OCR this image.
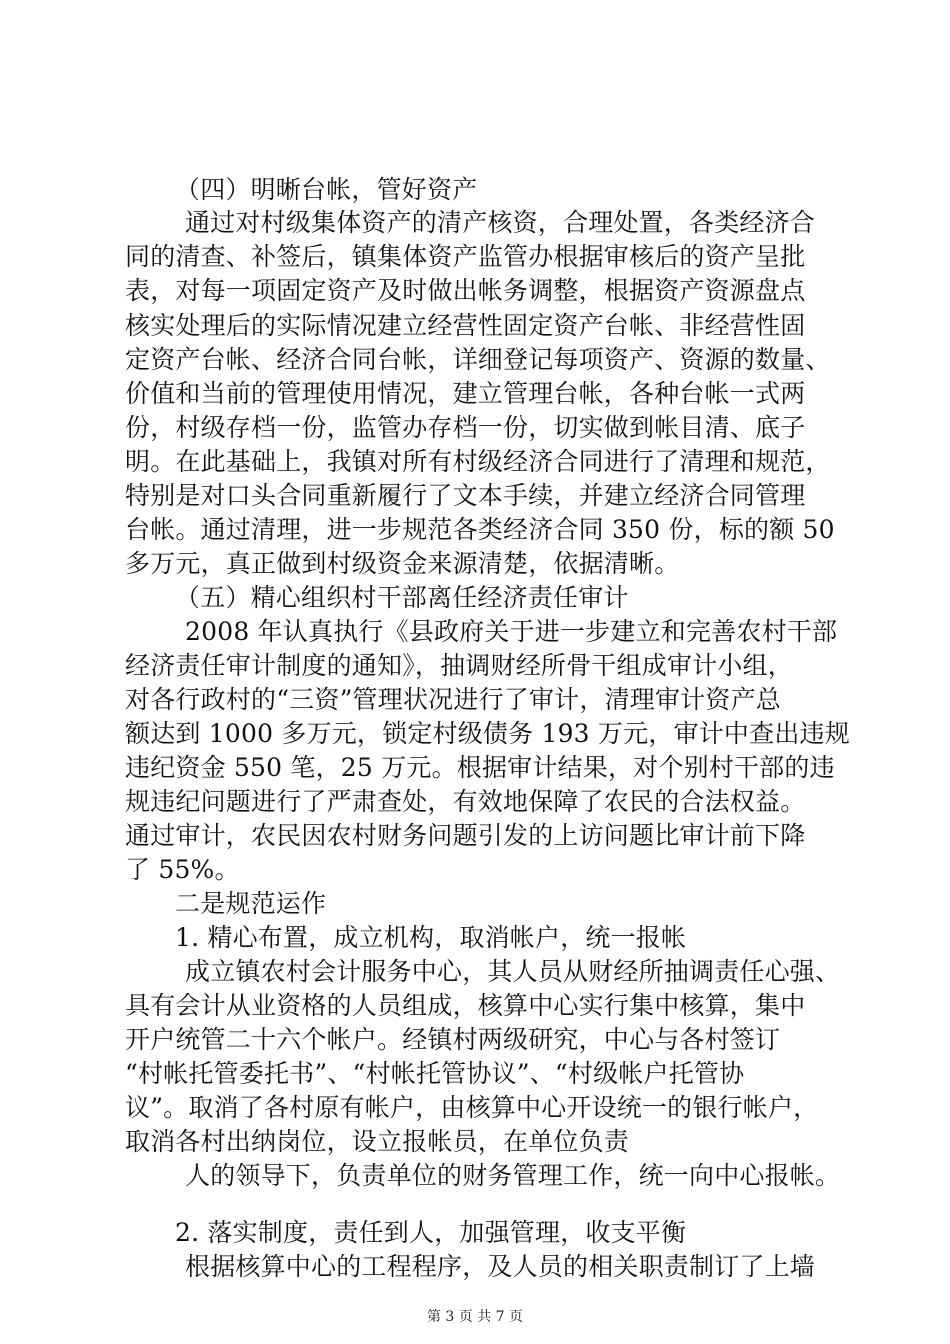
（四）明晰台帐，管好资产
通过对村级集体资产的清产核资，合理处置，各类经济合
同的清查、补签后，镇集体资产监管办根据审核后的资产呈批
表，对每一项固定资产及时做出帐务调整，根据资产资源盘点
核实处理后的实际情况建立经营性固定资产台帐、非经营性固
定资产台帐、经济合同台帐，详细登记每项资产、资源的数量、
价值和当前的管理使用情况，建立管理台帐，各种台帐一式两
份，村级存档一份，监管办存档一份，切实做到帐目清、底子
明。在此基础上，我镇对所有村级经济合同进行了清理和规范，
特别是对口头合同重新履行了文本手续，并建立经济合同管理
台帐。通过清理，进一步规范各类经济合同 350 份，标的额 50
多万元，真正做到村级资金来源清楚，依据清晰。
（五）精心组织村干部离任经济责任审计
2008 年认真执行《县政府关于进一步建立和完善农村干部
经济责任审计制度的通知》，抽调财经所骨干组成审计小组，
对各行政村的“三资”管理状况进行了审计，清理审计资产总
额达到 1000 多万元，锁定村级债务 193 万元，审计中查出违规
违纪资金 550 笔，25 万元。根据审计结果，对个别村干部的违
规违纪问题进行了严肃查处，有效地保障了农民的合法权益。
通过审计，农民因农村财务问题引发的上访问题比审计前下降
了 55%。
二是规范运作
1. 精心布置，成立机构，取消帐户，统一报帐
成立镇农村会计服务中心，其人员从财经所抽调责任心强、
具有会计从业资格的人员组成，核算中心实行集中核算，集中
开户统管二十六个帐户。经镇村两级研究，中心与各村签订
“村帐托管委托书”、“村帐托管协议”、“村级帐户托管协
议”。取消了各村原有帐户，由核算中心开设统一的银行帐户，
取消各村出纳岗位，设立报帐员，在单位负责
人的领导下，负责单位的财务管理工作，统一向中心报帐。
2. 落实制度，责任到人，加强管理，收支平衡
根据核算中心的工程程序，及人员的相关职责制订了上墙
第 3 页 共 7 页
